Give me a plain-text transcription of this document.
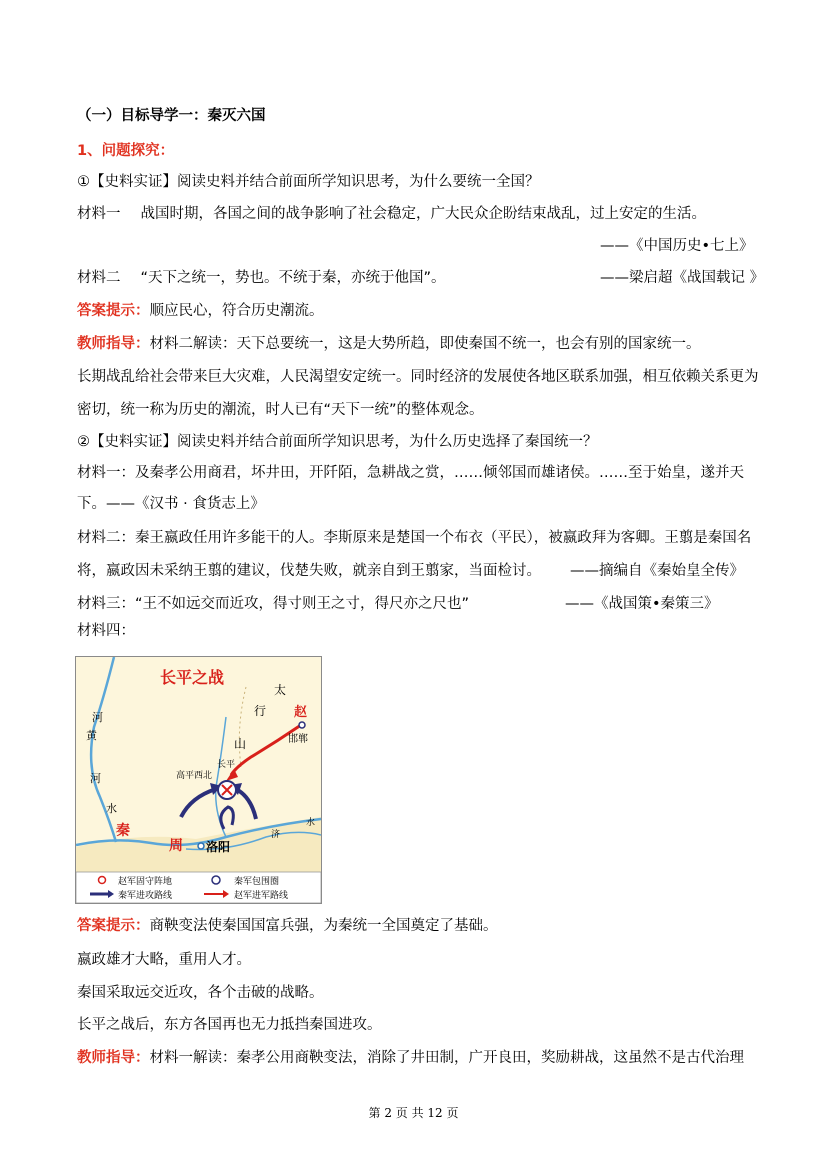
（一）目标导学一：秦灭六国

1、问题探究：

①【史料实证】阅读史料并结合前面所学知识思考，为什么要统一全国？

材料一 战国时期，各国之间的战争影响了社会稳定，广大民众企盼结束战乱，过上安定的生活。

——《中国历史•七上》

材料二 “天下之统一，势也。不统于秦，亦统于他国”。	——梁启超《战国载记 》

答案提示：顺应民心，符合历史潮流。

教师指导：材料二解读：天下总要统一，这是大势所趋，即使秦国不统一，也会有别的国家统一。

长期战乱给社会带来巨大灾难，人民渴望安定统一。同时经济的发展使各地区联系加强，相互依赖关系更为

密切，统一称为历史的潮流，时人已有“天下一统”的整体观念。

②【史料实证】阅读史料并结合前面所学知识思考，为什么历史选择了秦国统一？

材料一：及秦孝公用商君，坏井田，开阡陌，急耕战之赏，……倾邻国而雄诸侯。……至于始皇，遂并天

下。——《汉书 · 食货志上》

材料二：秦王嬴政任用许多能干的人。李斯原来是楚国一个布衣（平民），被嬴政拜为客卿。王翦是秦国名

将，嬴政因未采纳王翦的建议，伐楚失败，就亲自到王翦家，当面检讨。	——摘编自《秦始皇全传》

材料三：“王不如远交而近攻，得寸则王之寸，得尺亦之尺也”	——《战国策•秦策三》

材料四：

长平之战
太
行
山
赵
邯郸
长平
高平西北
河
黄
河
水
秦
周 洛阳
济
水
赵军固守阵地	秦军包围圈
秦军进攻路线	赵军进军路线

答案提示：商鞅变法使秦国国富兵强，为秦统一全国奠定了基础。

嬴政雄才大略，重用人才。

秦国采取远交近攻，各个击破的战略。

长平之战后，东方各国再也无力抵挡秦国进攻。

教师指导：材料一解读：秦孝公用商鞅变法，消除了井田制，广开良田，奖励耕战，这虽然不是古代治理

第 2 页 共 12 页
